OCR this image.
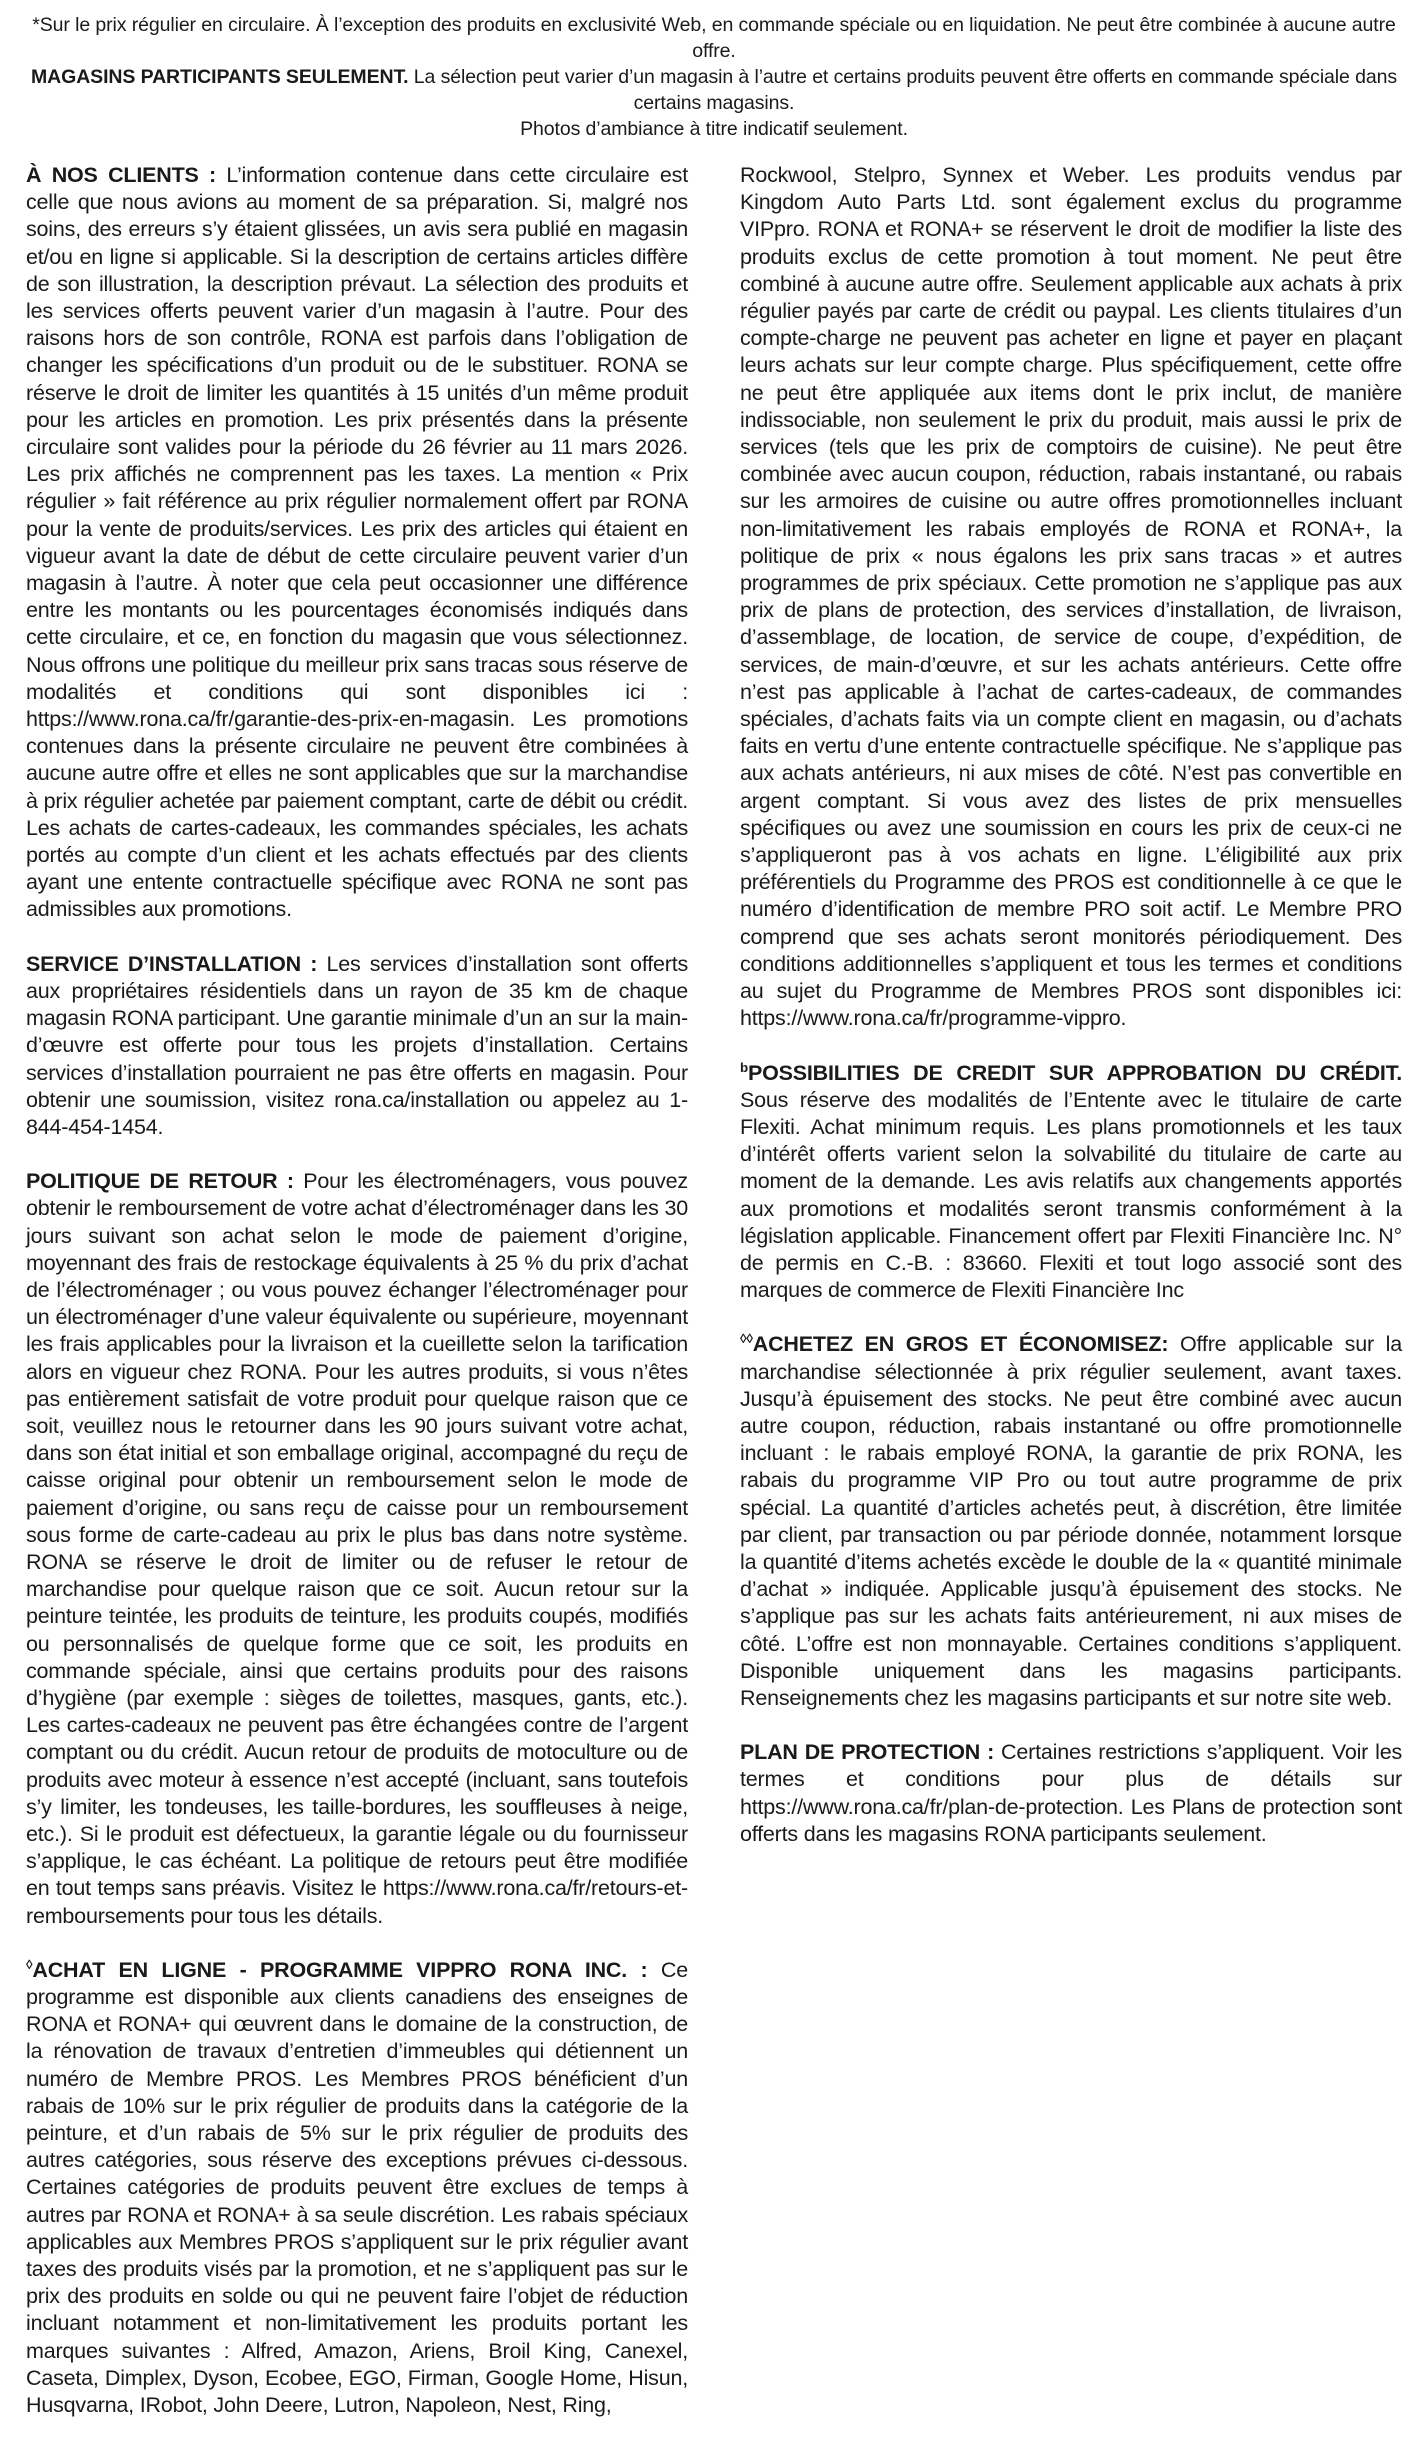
*Sur le prix régulier en circulaire. À l’exception des produits en exclusivité Web, en commande spéciale ou en liquidation. Ne peut être combinée à aucune autre offre.
MAGASINS PARTICIPANTS SEULEMENT. La sélection peut varier d’un magasin à l’autre et certains produits peuvent être offerts en commande spéciale dans certains magasins.
Photos d’ambiance à titre indicatif seulement.

À NOS CLIENTS : L’information contenue dans cette circulaire est celle que nous avions au moment de sa préparation. Si, malgré nos soins, des erreurs s’y étaient glissées, un avis sera publié en magasin et/ou en ligne si applicable. Si la description de certains articles diffère de son illustration, la description prévaut. La sélection des produits et les services offerts peuvent varier d’un magasin à l’autre. Pour des raisons hors de son contrôle, RONA est parfois dans l’obligation de changer les spécifications d’un produit ou de le substituer. RONA se réserve le droit de limiter les quantités à 15 unités d’un même produit pour les articles en promotion. Les prix présentés dans la présente circulaire sont valides pour la période du 26 février au 11 mars 2026. Les prix affichés ne comprennent pas les taxes. La mention « Prix régulier » fait référence au prix régulier normalement offert par RONA pour la vente de produits/services. Les prix des articles qui étaient en vigueur avant la date de début de cette circulaire peuvent varier d’un magasin à l’autre. À noter que cela peut occasionner une différence entre les montants ou les pourcentages économisés indiqués dans cette circulaire, et ce, en fonction du magasin que vous sélectionnez. Nous offrons une politique du meilleur prix sans tracas sous réserve de modalités et conditions qui sont disponibles ici : https://www.rona.ca/fr/garantie-des-prix-en-magasin. Les promotions contenues dans la présente circulaire ne peuvent être combinées à aucune autre offre et elles ne sont applicables que sur la marchandise à prix régulier achetée par paiement comptant, carte de débit ou crédit. Les achats de cartes-cadeaux, les commandes spéciales, les achats portés au compte d’un client et les achats effectués par des clients ayant une entente contractuelle spécifique avec RONA ne sont pas admissibles aux promotions.

SERVICE D’INSTALLATION : Les services d’installation sont offerts aux propriétaires résidentiels dans un rayon de 35 km de chaque magasin RONA participant. Une garantie minimale d’un an sur la main-d’œuvre est offerte pour tous les projets d’installation. Certains services d’installation pourraient ne pas être offerts en magasin. Pour obtenir une soumission, visitez rona.ca/installation ou appelez au 1-844-454-1454.

POLITIQUE DE RETOUR : Pour les électroménagers, vous pouvez obtenir le remboursement de votre achat d’électroménager dans les 30 jours suivant son achat selon le mode de paiement d’origine, moyennant des frais de restockage équivalents à 25 % du prix d’achat de l’électroménager ; ou vous pouvez échanger l’électroménager pour un électroménager d’une valeur équivalente ou supérieure, moyennant les frais applicables pour la livraison et la cueillette selon la tarification alors en vigueur chez RONA. Pour les autres produits, si vous n’êtes pas entièrement satisfait de votre produit pour quelque raison que ce soit, veuillez nous le retourner dans les 90 jours suivant votre achat, dans son état initial et son emballage original, accompagné du reçu de caisse original pour obtenir un remboursement selon le mode de paiement d’origine, ou sans reçu de caisse pour un remboursement sous forme de carte-cadeau au prix le plus bas dans notre système. RONA se réserve le droit de limiter ou de refuser le retour de marchandise pour quelque raison que ce soit. Aucun retour sur la peinture teintée, les produits de teinture, les produits coupés, modifiés ou personnalisés de quelque forme que ce soit, les produits en commande spéciale, ainsi que certains produits pour des raisons d’hygiène (par exemple : sièges de toilettes, masques, gants, etc.). Les cartes-cadeaux ne peuvent pas être échangées contre de l’argent comptant ou du crédit. Aucun retour de produits de motoculture ou de produits avec moteur à essence n’est accepté (incluant, sans toutefois s’y limiter, les tondeuses, les taille-bordures, les souffleuses à neige, etc.). Si le produit est défectueux, la garantie légale ou du fournisseur s’applique, le cas échéant. La politique de retours peut être modifiée en tout temps sans préavis. Visitez le https://www.rona.ca/fr/retours-et-remboursements pour tous les détails.

◊ACHAT EN LIGNE - PROGRAMME VIPPRO RONA INC. : Ce programme est disponible aux clients canadiens des enseignes de RONA et RONA+ qui œuvrent dans le domaine de la construction, de la rénovation de travaux d’entretien d’immeubles qui détiennent un numéro de Membre PROS. Les Membres PROS bénéficient d’un rabais de 10% sur le prix régulier de produits dans la catégorie de la peinture, et d’un rabais de 5% sur le prix régulier de produits des autres catégories, sous réserve des exceptions prévues ci-dessous. Certaines catégories de produits peuvent être exclues de temps à autres par RONA et RONA+ à sa seule discrétion. Les rabais spéciaux applicables aux Membres PROS s’appliquent sur le prix régulier avant taxes des produits visés par la promotion, et ne s’appliquent pas sur le prix des produits en solde ou qui ne peuvent faire l’objet de réduction incluant notamment et non-limitativement les produits portant les marques suivantes : Alfred, Amazon, Ariens, Broil King, Canexel, Caseta, Dimplex, Dyson, Ecobee, EGO, Firman, Google Home, Hisun, Husqvarna, IRobot, John Deere, Lutron, Napoleon, Nest, Ring,

Rockwool, Stelpro, Synnex et Weber. Les produits vendus par Kingdom Auto Parts Ltd. sont également exclus du programme VIPpro. RONA et RONA+ se réservent le droit de modifier la liste des produits exclus de cette promotion à tout moment. Ne peut être combiné à aucune autre offre. Seulement applicable aux achats à prix régulier payés par carte de crédit ou paypal. Les clients titulaires d’un compte-charge ne peuvent pas acheter en ligne et payer en plaçant leurs achats sur leur compte charge. Plus spécifiquement, cette offre ne peut être appliquée aux items dont le prix inclut, de manière indissociable, non seulement le prix du produit, mais aussi le prix de services (tels que les prix de comptoirs de cuisine). Ne peut être combinée avec aucun coupon, réduction, rabais instantané, ou rabais sur les armoires de cuisine ou autre offres promotionnelles incluant non-limitativement les rabais employés de RONA et RONA+, la politique de prix « nous égalons les prix sans tracas » et autres programmes de prix spéciaux. Cette promotion ne s’applique pas aux prix de plans de protection, des services d’installation, de livraison, d’assemblage, de location, de service de coupe, d’expédition, de services, de main-d’œuvre, et sur les achats antérieurs. Cette offre n’est pas applicable à l’achat de cartes-cadeaux, de commandes spéciales, d’achats faits via un compte client en magasin, ou d’achats faits en vertu d’une entente contractuelle spécifique. Ne s’applique pas aux achats antérieurs, ni aux mises de côté. N’est pas convertible en argent comptant. Si vous avez des listes de prix mensuelles spécifiques ou avez une soumission en cours les prix de ceux-ci ne s’appliqueront pas à vos achats en ligne. L’éligibilité aux prix préférentiels du Programme des PROS est conditionnelle à ce que le numéro d’identification de membre PRO soit actif. Le Membre PRO comprend que ses achats seront monitorés périodiquement. Des conditions additionnelles s’appliquent et tous les termes et conditions au sujet du Programme de Membres PROS sont disponibles ici: https://www.rona.ca/fr/programme-vippro.

$^b$POSSIBILITIES DE CREDIT SUR APPROBATION DU CRÉDIT. Sous réserve des modalités de l’Entente avec le titulaire de carte Flexiti. Achat minimum requis. Les plans promotionnels et les taux d’intérêt offerts varient selon la solvabilité du titulaire de carte au moment de la demande. Les avis relatifs aux changements apportés aux promotions et modalités seront transmis conformément à la législation applicable. Financement offert par Flexiti Financière Inc. N° de permis en C.-B. : 83660. Flexiti et tout logo associé sont des marques de commerce de Flexiti Financière Inc

◊◊ACHETEZ EN GROS ET ÉCONOMISEZ: Offre applicable sur la marchandise sélectionnée à prix régulier seulement, avant taxes. Jusqu’à épuisement des stocks. Ne peut être combiné avec aucun autre coupon, réduction, rabais instantané ou offre promotionnelle incluant : le rabais employé RONA, la garantie de prix RONA, les rabais du programme VIP Pro ou tout autre programme de prix spécial. La quantité d’articles achetés peut, à discrétion, être limitée par client, par transaction ou par période donnée, notamment lorsque la quantité d’items achetés excède le double de la « quantité minimale d’achat » indiquée. Applicable jusqu’à épuisement des stocks. Ne s’applique pas sur les achats faits antérieurement, ni aux mises de côté. L’offre est non monnayable. Certaines conditions s’appliquent. Disponible uniquement dans les magasins participants. Renseignements chez les magasins participants et sur notre site web.

PLAN DE PROTECTION : Certaines restrictions s’appliquent. Voir les termes et conditions pour plus de détails sur https://www.rona.ca/fr/plan-de-protection. Les Plans de protection sont offerts dans les magasins RONA participants seulement.
